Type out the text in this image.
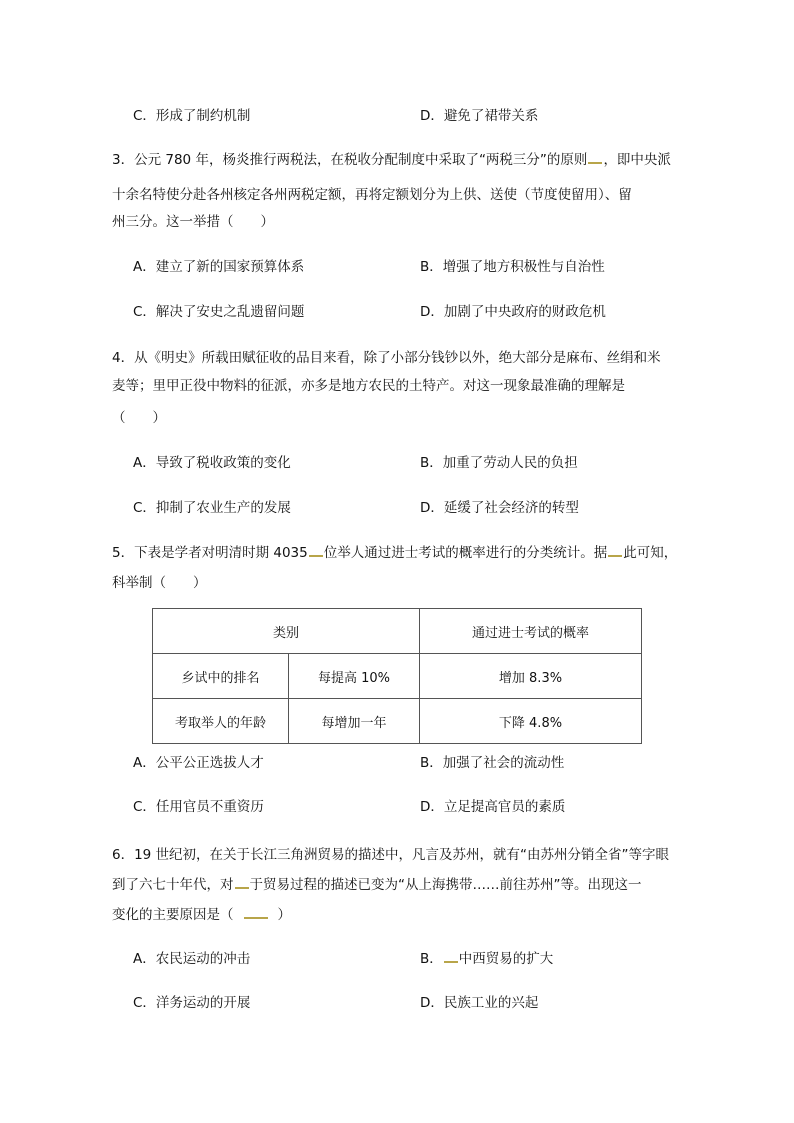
C．形成了制约机制	D．避免了裙带关系
3．公元 780 年，杨炎推行两税法，在税收分配制度中采取了“两税三分”的原则 ，即中央派
十余名特使分赴各州核定各州两税定额，再将定额划分为上供、送使（节度使留用）、留
州三分。这一举措（　　）
A．建立了新的国家预算体系	B．增强了地方积极性与自治性
C．解决了安史之乱遗留问题	D．加剧了中央政府的财政危机
4．从《明史》所载田赋征收的品目来看，除了小部分钱钞以外，绝大部分是麻布、丝绢和米
麦等；里甲正役中物料的征派，亦多是地方农民的土特产。对这一现象最准确的理解是
（　　）
A．导致了税收政策的变化	B．加重了劳动人民的负担
C．抑制了农业生产的发展	D．延缓了社会经济的转型
5．下表是学者对明清时期 4035 位举人通过进士考试的概率进行的分类统计。据 此可知，
科举制（　　）
类别		通过进士考试的概率
乡试中的排名	每提高 10%	增加 8.3%
考取举人的年龄	每增加一年	下降 4.8%
A．公平公正选拔人才	B．加强了社会的流动性
C．任用官员不重资历	D．立足提高官员的素质
6．19 世纪初，在关于长江三角洲贸易的描述中，凡言及苏州，就有“由苏州分销全省”等字眼
到了六七十年代，对 于贸易过程的描述已变为“从上海携带……前往苏州”等。出现这一
变化的主要原因是（	）
A．农民运动的冲击	B． 中西贸易的扩大
C．洋务运动的开展	D．民族工业的兴起
